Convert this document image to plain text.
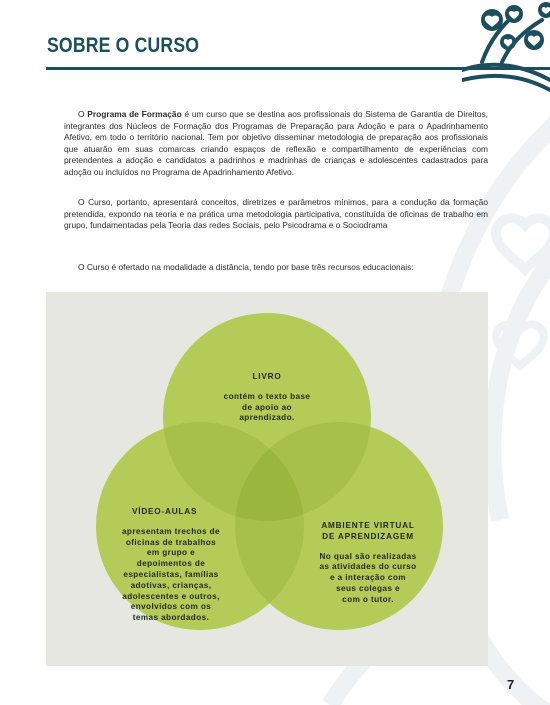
SOBRE O CURSO

O Programa de Formação é um curso que se destina aos profissionais do Sistema de Garantia de Direitos, integrantes dos Núcleos de Formação dos Programas de Preparação para Adoção e para o Apadrinhamento Afetivo, em todo o território nacional. Tem por objetivo disseminar metodologia de preparação aos profissionais que atuarão em suas comarcas criando espaços de reflexão e compartilhamento de experiências com pretendentes a adoção e candidatos a padrinhos e madrinhas de crianças e adolescentes cadastrados para adoção ou incluídos no Programa de Apadrinhamento Afetivo.

O Curso, portanto, apresentará conceitos, diretrizes e parâmetros mínimos, para a condução da formação pretendida, expondo na teoria e na prática uma metodologia participativa, constituída de oficinas de trabalho em grupo, fundamentadas pela Teoria das redes Sociais, pelo Psicodrama e o Sociodrama

O Curso é ofertado na modalidade a distância, tendo por base três recursos educacionais:

LIVRO
contém o texto base
de apoio ao
aprendizado.
VÍDEO-AULAS
apresentam trechos de
oficinas de trabalhos
em grupo e
depoimentos de
especialistas, famílias
adotivas, crianças,
adolescentes e outros,
envolvidos com os
temas abordados.
AMBIENTE VIRTUAL
DE APRENDIZAGEM
No qual são realizadas
as atividades do curso
e a interação com
seus colegas e
com o tutor.
7
